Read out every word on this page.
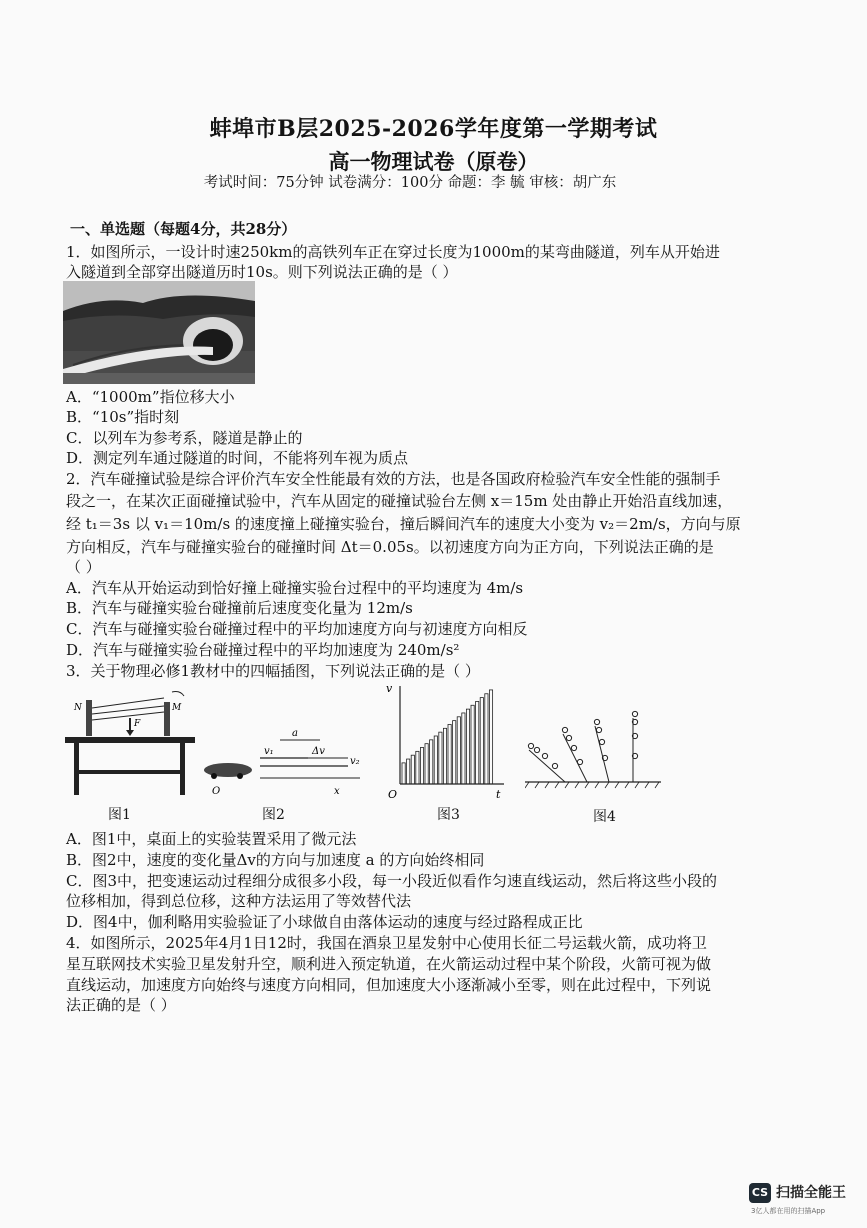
蚌埠市B层2025-2026学年度第一学期考试
高一物理试卷（原卷）
考试时间：75分钟 试卷满分：100分 命题：李 毓 审核：胡广东
一、单选题（每题4分，共28分）
1．如图所示，一设计时速250km的高铁列车正在穿过长度为1000m的某弯曲隧道，列车从开始进
入隧道到全部穿出隧道历时10s。则下列说法正确的是（ ）
A．“1000m”指位移大小
B．“10s”指时刻
C．以列车为参考系，隧道是静止的
D．测定列车通过隧道的时间，不能将列车视为质点
2．汽车碰撞试验是综合评价汽车安全性能最有效的方法，也是各国政府检验汽车安全性能的强制手
段之一，在某次正面碰撞试验中，汽车从固定的碰撞试验台左侧 x＝15m 处由静止开始沿直线加速，
经 t₁＝3s 以 v₁＝10m/s 的速度撞上碰撞实验台，撞后瞬间汽车的速度大小变为 v₂＝2m/s，方向与原
方向相反，汽车与碰撞实验台的碰撞时间 Δt＝0.05s。以初速度方向为正方向，下列说法正确的是
（ ）
A．汽车从开始运动到恰好撞上碰撞实验台过程中的平均速度为 4m/s
B．汽车与碰撞实验台碰撞前后速度变化量为 12m/s
C．汽车与碰撞实验台碰撞过程中的平均加速度方向与初速度方向相反
D．汽车与碰撞实验台碰撞过程中的平均加速度为 240m/s²
3．关于物理必修1教材中的四幅插图，下列说法正确的是（ ）
N	M
F
a
v₁	Δv
v₂
O	x
v
t
O
图1	图2	图3	图4
A．图1中，桌面上的实验装置采用了微元法
B．图2中，速度的变化量Δv的方向与加速度 a 的方向始终相同
C．图3中，把变速运动过程细分成很多小段，每一小段近似看作匀速直线运动，然后将这些小段的
位移相加，得到总位移，这种方法运用了等效替代法
D．图4中，伽利略用实验验证了小球做自由落体运动的速度与经过路程成正比
4．如图所示，2025年4月1日12时，我国在酒泉卫星发射中心使用长征二号运载火箭，成功将卫
星互联网技术实验卫星发射升空，顺利进入预定轨道，在火箭运动过程中某个阶段，火箭可视为做
直线运动，加速度方向始终与速度方向相同，但加速度大小逐渐减小至零，则在此过程中，下列说
法正确的是（ ）
CS 扫描全能王
3亿人都在用的扫描App
